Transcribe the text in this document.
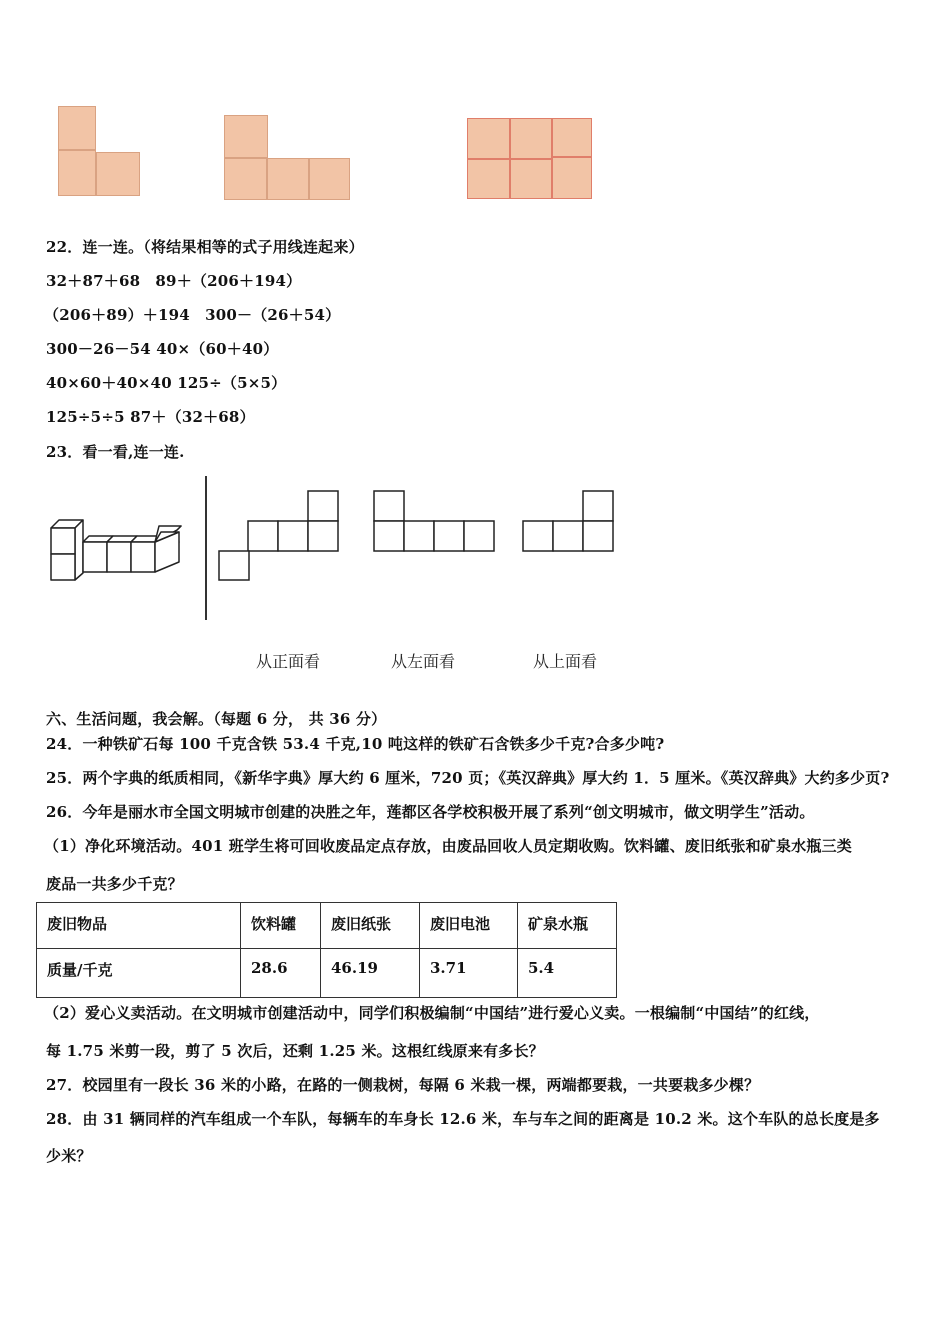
22．连一连。（将结果相等的式子用线连起来）
32＋87＋68　89＋（206＋194）
（206＋89）＋194　300－（26＋54）
300－26－54 40×（60＋40）
40×60＋40×40 125÷（5×5）
125÷5÷5 87＋（32＋68）
23．看一看,连一连.
从正面看	从左面看	从上面看
六、生活问题，我会解。（每题 6 分， 共 36 分）
24．一种铁矿石每 100 千克含铁 53.4 千克,10 吨这样的铁矿石含铁多少千克?合多少吨?
25．两个字典的纸质相同，《新华字典》厚大约 6 厘米，720 页；《英汉辞典》厚大约 1．5 厘米。《英汉辞典》大约多少页?
26．今年是丽水市全国文明城市创建的决胜之年，莲都区各学校积极开展了系列“创文明城市，做文明学生”活动。
（1）净化环境活动。401 班学生将可回收废品定点存放，由废品回收人员定期收购。饮料罐、废旧纸张和矿泉水瓶三类
废品一共多少千克？
废旧物品	饮料罐	废旧纸张	废旧电池	矿泉水瓶
质量/千克	28.6	46.19	3.71	5.4
（2）爱心义卖活动。在文明城市创建活动中，同学们积极编制“中国结”进行爱心义卖。一根编制“中国结”的红线，
每 1.75 米剪一段，剪了 5 次后，还剩 1.25 米。这根红线原来有多长？
27．校园里有一段长 36 米的小路，在路的一侧栽树，每隔 6 米栽一棵，两端都要栽，一共要栽多少棵？
28．由 31 辆同样的汽车组成一个车队，每辆车的车身长 12.6 米，车与车之间的距离是 10.2 米。这个车队的总长度是多
少米？
